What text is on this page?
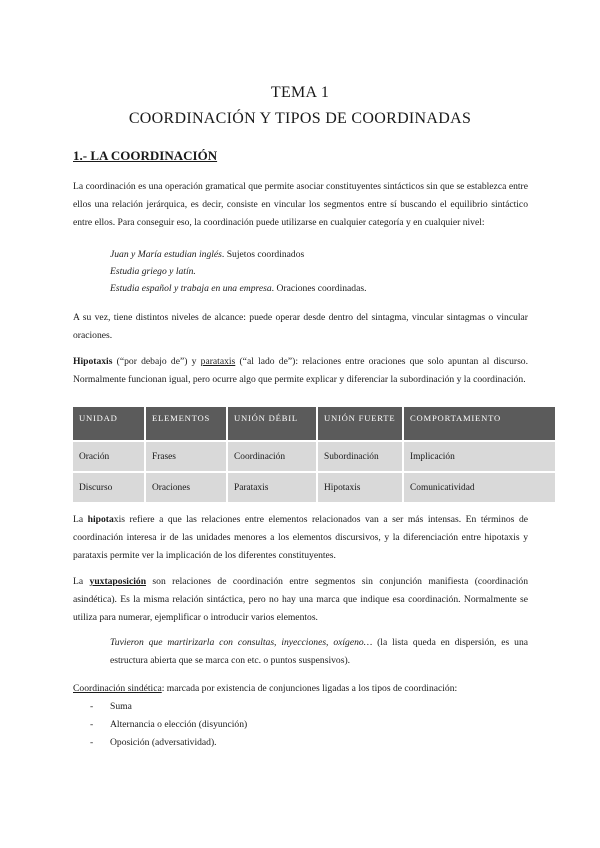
TEMA 1
COORDINACIÓN Y TIPOS DE COORDINADAS
1.- LA COORDINACIÓN
La coordinación es una operación gramatical que permite asociar constituyentes sintácticos sin que se establezca entre ellos una relación jerárquica, es decir, consiste en vincular los segmentos entre sí buscando el equilibrio sintáctico entre ellos. Para conseguir eso, la coordinación puede utilizarse en cualquier categoría y en cualquier nivel:
Juan y María estudian inglés. Sujetos coordinados
Estudia griego y latín.
Estudia español y trabaja en una empresa. Oraciones coordinadas.
A su vez, tiene distintos niveles de alcance: puede operar desde dentro del sintagma, vincular sintagmas o vincular oraciones.
Hipotaxis (“por debajo de”) y parataxis (“al lado de”): relaciones entre oraciones que solo apuntan al discurso. Normalmente funcionan igual, pero ocurre algo que permite explicar y diferenciar la subordinación y la coordinación.
UNIDAD	ELEMENTOS	UNIÓN DÉBIL	UNIÓN FUERTE	COMPORTAMIENTO
Oración	Frases	Coordinación	Subordinación	Implicación
Discurso	Oraciones	Parataxis	Hipotaxis	Comunicatividad
La hipotaxis refiere a que las relaciones entre elementos relacionados van a ser más intensas. En términos de coordinación interesa ir de las unidades menores a los elementos discursivos, y la diferenciación entre hipotaxis y parataxis permite ver la implicación de los diferentes constituyentes.
La yuxtaposición son relaciones de coordinación entre segmentos sin conjunción manifiesta (coordinación asindética). Es la misma relación sintáctica, pero no hay una marca que indique esa coordinación. Normalmente se utiliza para numerar, ejemplificar o introducir varios elementos.
Tuvieron que martirizarla con consultas, inyecciones, oxígeno… (la lista queda en dispersión, es una estructura abierta que se marca con etc. o puntos suspensivos).
Coordinación sindética: marcada por existencia de conjunciones ligadas a los tipos de coordinación:
- Suma
- Alternancia o elección (disyunción)
- Oposición (adversatividad).
